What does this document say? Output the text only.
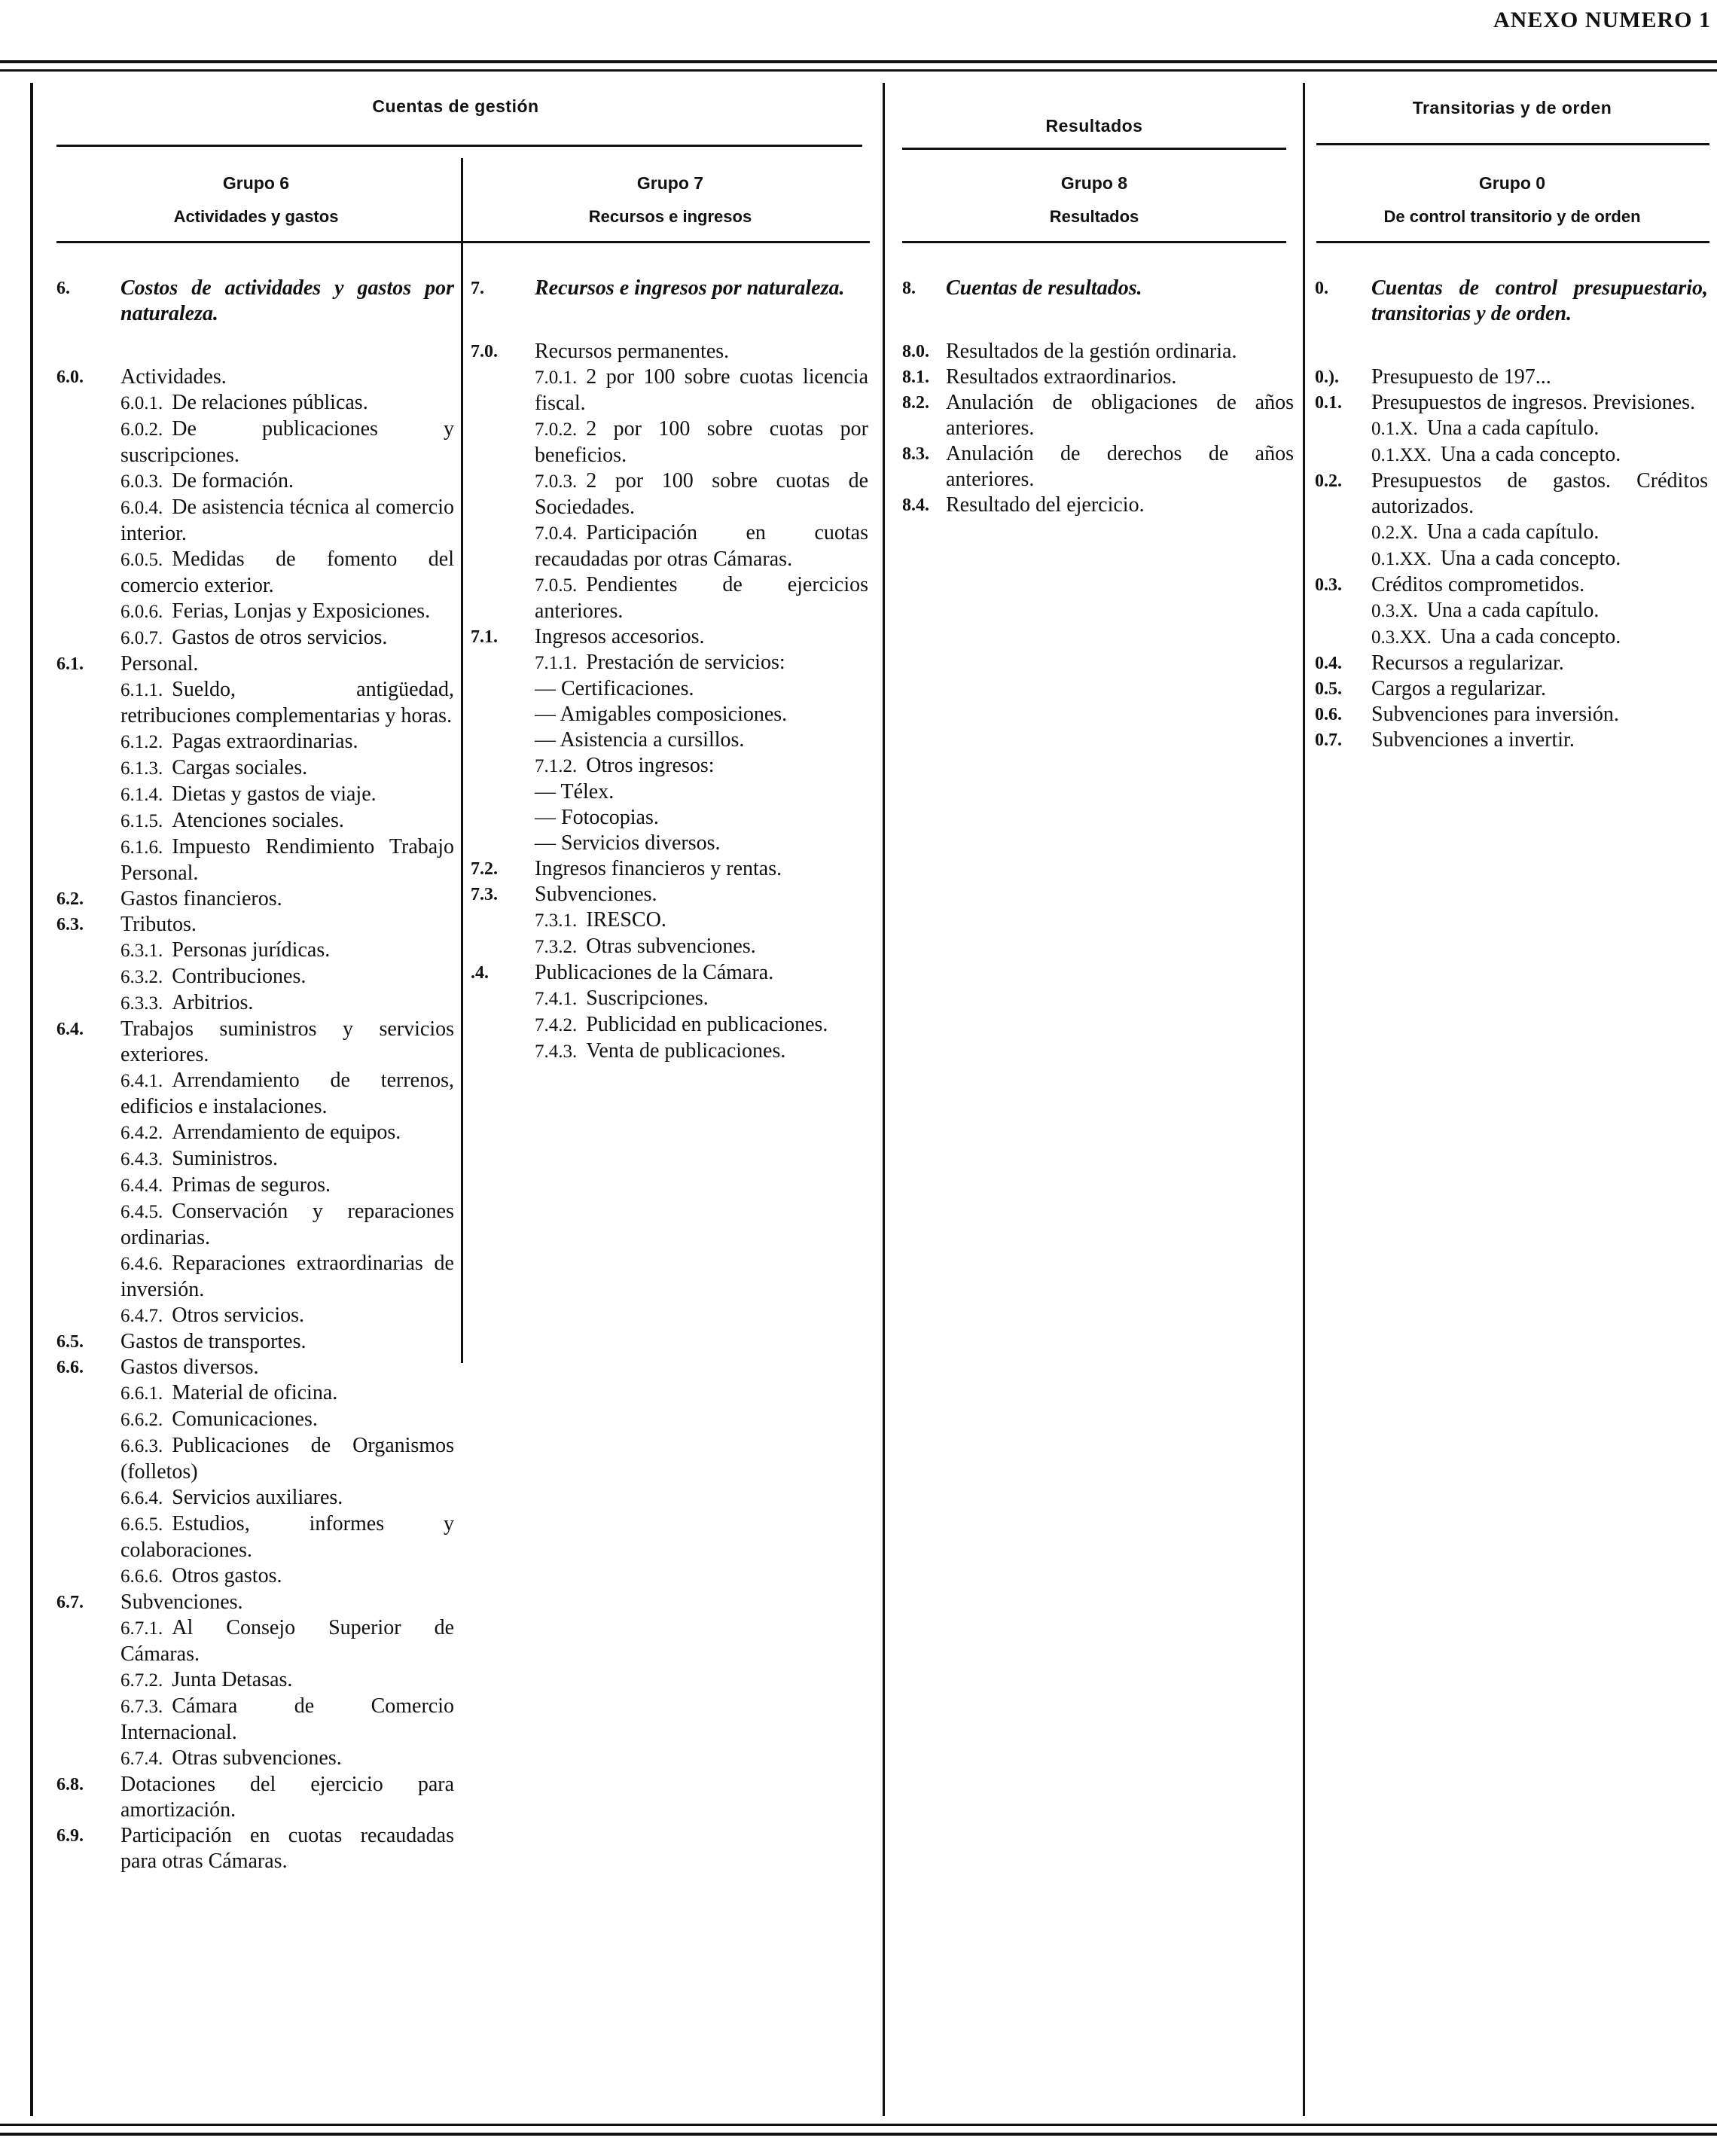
ANEXO NUMERO 1
Cuentas de gestión
Resultados
Transitorias y de orden
Grupo 6
Actividades y gastos
Grupo 7
Recursos e ingresos
Grupo 8
Resultados
Grupo 0
De control transitorio y de orden
6.	Costos de actividades y gastos por naturaleza.
6.0.	Actividades.
6.0.1. De relaciones públicas.
6.0.2. De publicaciones y suscripciones.
6.0.3. De formación.
6.0.4. De asistencia técnica al comercio interior.
6.0.5. Medidas de fomento del comercio exterior.
6.0.6. Ferias, Lonjas y Exposiciones.
6.0.7. Gastos de otros servicios.
6.1.	Personal.
6.1.1. Sueldo, antigüedad, retribuciones complementarias y horas.
6.1.2. Pagas extraordinarias.
6.1.3. Cargas sociales.
6.1.4. Dietas y gastos de viaje.
6.1.5. Atenciones sociales.
6.1.6. Impuesto Rendimiento Trabajo Personal.
6.2.	Gastos financieros.
6.3.	Tributos.
6.3.1. Personas jurídicas.
6.3.2. Contribuciones.
6.3.3. Arbitrios.
6.4.	Trabajos suministros y servicios exteriores.
6.4.1. Arrendamiento de terrenos, edificios e instalaciones.
6.4.2. Arrendamiento de equipos.
6.4.3. Suministros.
6.4.4. Primas de seguros.
6.4.5. Conservación y reparaciones ordinarias.
6.4.6. Reparaciones extraordinarias de inversión.
6.4.7. Otros servicios.
6.5.	Gastos de transportes.
6.6.	Gastos diversos.
6.6.1. Material de oficina.
6.6.2. Comunicaciones.
6.6.3. Publicaciones de Organismos (folletos)
6.6.4. Servicios auxiliares.
6.6.5. Estudios, informes y colaboraciones.
6.6.6. Otros gastos.
6.7.	Subvenciones.
6.7.1. Al Consejo Superior de Cámaras.
6.7.2. Junta Detasas.
6.7.3. Cámara de Comercio Internacional.
6.7.4. Otras subvenciones.
6.8.	Dotaciones del ejercicio para amortización.
6.9.	Participación en cuotas recaudadas para otras Cámaras.
7.	Recursos e ingresos por naturaleza.
7.0.	Recursos permanentes.
7.0.1. 2 por 100 sobre cuotas licencia fiscal.
7.0.2. 2 por 100 sobre cuotas por beneficios.
7.0.3. 2 por 100 sobre cuotas de Sociedades.
7.0.4. Participación en cuotas recaudadas por otras Cámaras.
7.0.5. Pendientes de ejercicios anteriores.
7.1.	Ingresos accesorios.
7.1.1. Prestación de servicios:
— Certificaciones.
— Amigables composiciones.
— Asistencia a cursillos.
7.1.2. Otros ingresos:
— Télex.
— Fotocopias.
— Servicios diversos.
7.2.	Ingresos financieros y rentas.
7.3.	Subvenciones.
7.3.1. IRESCO.
7.3.2. Otras subvenciones.
.4.	Publicaciones de la Cámara.
7.4.1. Suscripciones.
7.4.2. Publicidad en publicaciones.
7.4.3. Venta de publicaciones.
8.	Cuentas de resultados.
8.0. Resultados de la gestión ordinaria.
8.1. Resultados extraordinarios.
8.2. Anulación de obligaciones de años anteriores.
8.3. Anulación de derechos de años anteriores.
8.4. Resultado del ejercicio.
0.	Cuentas de control presupuestario, transitorias y de orden.
0.).	Presupuesto de 197...
0.1.	Presupuestos de ingresos. Previsiones.
0.1.X. Una a cada capítulo.
0.1.XX. Una a cada concepto.
0.2.	Presupuestos de gastos. Créditos autorizados.
0.2.X. Una a cada capítulo.
0.1.XX. Una a cada concepto.
0.3.	Créditos comprometidos.
0.3.X. Una a cada capítulo.
0.3.XX. Una a cada concepto.
0.4.	Recursos a regularizar.
0.5.	Cargos a regularizar.
0.6.	Subvenciones para inversión.
0.7.	Subvenciones a invertir.
